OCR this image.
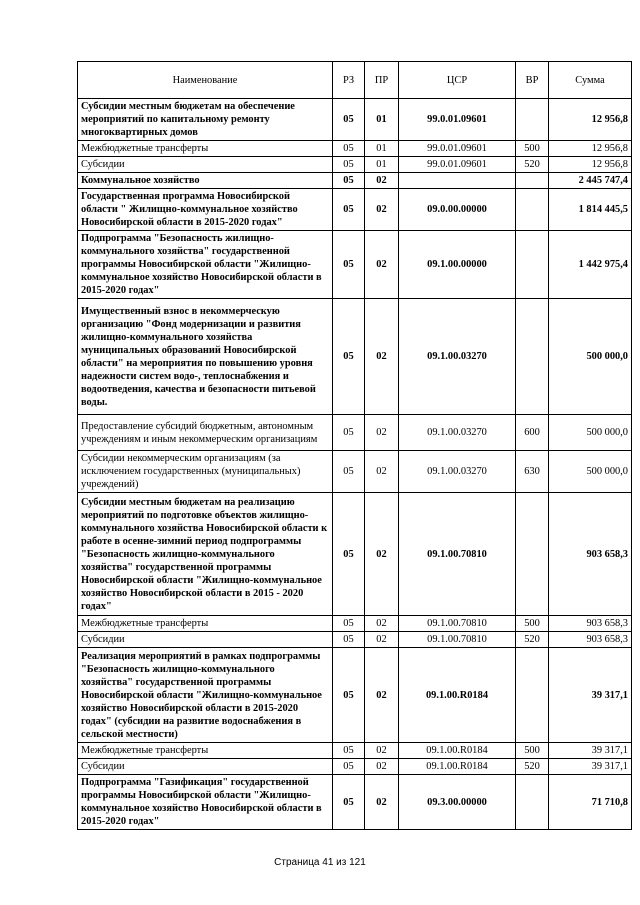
Наименование	РЗ	ПР	ЦСР	ВР	Сумма
Субсидии местным бюджетам на обеспечение мероприятий по капитальному ремонту многоквартирных домов	05	01	99.0.01.09601		12 956,8
Межбюджетные трансферты	05	01	99.0.01.09601	500	12 956,8
Субсидии	05	01	99.0.01.09601	520	12 956,8
Коммунальное хозяйство	05	02			2 445 747,4
Государственная программа Новосибирской области " Жилищно-коммунальное хозяйство Новосибирской области в 2015-2020 годах"	05	02	09.0.00.00000		1 814 445,5
Подпрограмма "Безопасность жилищно-коммунального хозяйства" государственной программы Новосибирской области "Жилищно-коммунальное хозяйство Новосибирской области в 2015-2020 годах"	05	02	09.1.00.00000		1 442 975,4
Имущественный взнос в некоммерческую организацию "Фонд модернизации и развития жилищно-коммунального хозяйства муниципальных образований Новосибирской области" на мероприятия по повышению уровня надежности систем водо-, теплоснабжения и водоотведения, качества и безопасности питьевой воды.	05	02	09.1.00.03270		500 000,0
Предоставление субсидий бюджетным, автономным учреждениям и иным некоммерческим организациям	05	02	09.1.00.03270	600	500 000,0
Субсидии некоммерческим организациям (за исключением государственных (муниципальных) учреждений)	05	02	09.1.00.03270	630	500 000,0
Субсидии местным бюджетам на реализацию мероприятий по подготовке объектов жилищно-коммунального хозяйства Новосибирской области к работе в осенне-зимний период подпрограммы "Безопасность жилищно-коммунального хозяйства" государственной программы Новосибирской области "Жилищно-коммунальное хозяйство Новосибирской области в 2015 - 2020 годах"	05	02	09.1.00.70810		903 658,3
Межбюджетные трансферты	05	02	09.1.00.70810	500	903 658,3
Субсидии	05	02	09.1.00.70810	520	903 658,3
Реализация мероприятий в рамках подпрограммы "Безопасность жилищно-коммунального хозяйства" государственной программы Новосибирской области "Жилищно-коммунальное хозяйство Новосибирской области в 2015-2020 годах" (субсидии на развитие водоснабжения в сельской местности)	05	02	09.1.00.R0184		39 317,1
Межбюджетные трансферты	05	02	09.1.00.R0184	500	39 317,1
Субсидии	05	02	09.1.00.R0184	520	39 317,1
Подпрограмма "Газификация" государственной программы Новосибирской области "Жилищно-коммунальное хозяйство Новосибирской области в 2015-2020 годах"	05	02	09.3.00.00000		71 710,8
Страница 41 из 121
